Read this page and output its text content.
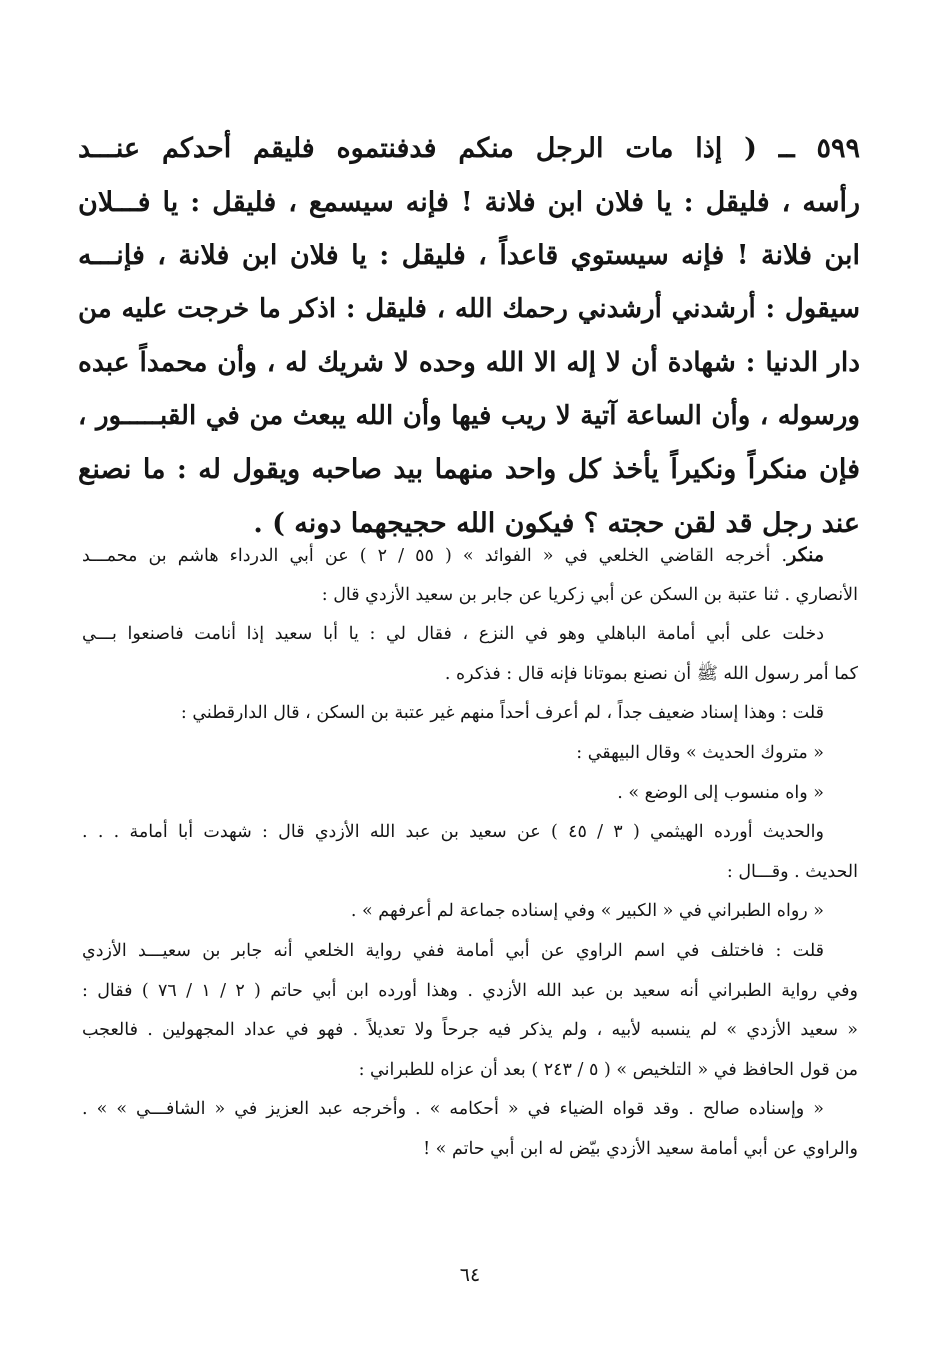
٥٩٩ ــ ( إذا مات الرجل منكم فدفنتموه فليقم أحدكم عنـــد
رأسه ، فليقل : يا فلان ابن فلانة ! فإنه سيسمع ، فليقل : يا فـــلان
ابن فلانة ! فإنه سيستوي قاعداً ، فليقل : يا فلان ابن فلانة ، فإنـــه
سيقول : أرشدني أرشدني رحمك الله ، فليقل : اذكر ما خرجت عليه من
دار الدنيا : شهادة أن لا إله الا الله وحده لا شريك له ، وأن محمداً عبده
ورسوله ، وأن الساعة آتية لا ريب فيها وأن الله يبعث من في القبـــــور ،
فإن منكراً ونكيراً يأخذ كل واحد منهما بيد صاحبه ويقول له : ما نصنع
عند رجل قد لقن حجته ؟ فيكون الله حجيجهما دونه ) .
منكر. أخرجه القاضي الخلعي في « الفوائد » ( ٥٥ / ٢ ) عن أبي الدرداء هاشم بن محمـــد
الأنصاري . ثنا عتبة بن السكن عن أبي زكريا عن جابر بن سعيد الأزدي قال :
دخلت على أبي أمامة الباهلي وهو في النزع ، فقال لي : يا أبا سعيد إذا أنامت فاصنعوا بـــي
كما أمر رسول الله ﷺ أن نصنع بموتانا فإنه قال : فذكره .
قلت : وهذا إسناد ضعيف جداً ، لم أعرف أحداً منهم غير عتبة بن السكن ، قال الدارقطني :
« متروك الحديث » وقال البيهقي :
« واه منسوب إلى الوضع » .
والحديث أورده الهيثمي ( ٣ / ٤٥ ) عن سعيد بن عبد الله الأزدي قال : شهدت أبا أمامة . . .
الحديث . وقـــال :
« رواه الطبراني في « الكبير » وفي إسناده جماعة لم أعرفهم » .
قلت : فاختلف في اسم الراوي عن أبي أمامة ففي رواية الخلعي أنه جابر بن سعيـــد الأزدي
وفي رواية الطبراني أنه سعيد بن عبد الله الأزدي . وهذا أورده ابن أبي حاتم ( ٢ / ١ / ٧٦ ) فقال :
« سعيد الأزدي » لم ينسبه لأبيه ، ولم يذكر فيه جرحاً ولا تعديلاً . فهو في عداد المجهولين . فالعجب
من قول الحافظ في « التلخيص » ( ٥ / ٢٤٣ ) بعد أن عزاه للطبراني :
« وإسناده صالح . وقد قواه الضياء في « أحكامه » . وأخرجه عبد العزيز في « الشافـــي » » .
والراوي عن أبي أمامة سعيد الأزدي بيّض له ابن أبي حاتم » !
٦٤
